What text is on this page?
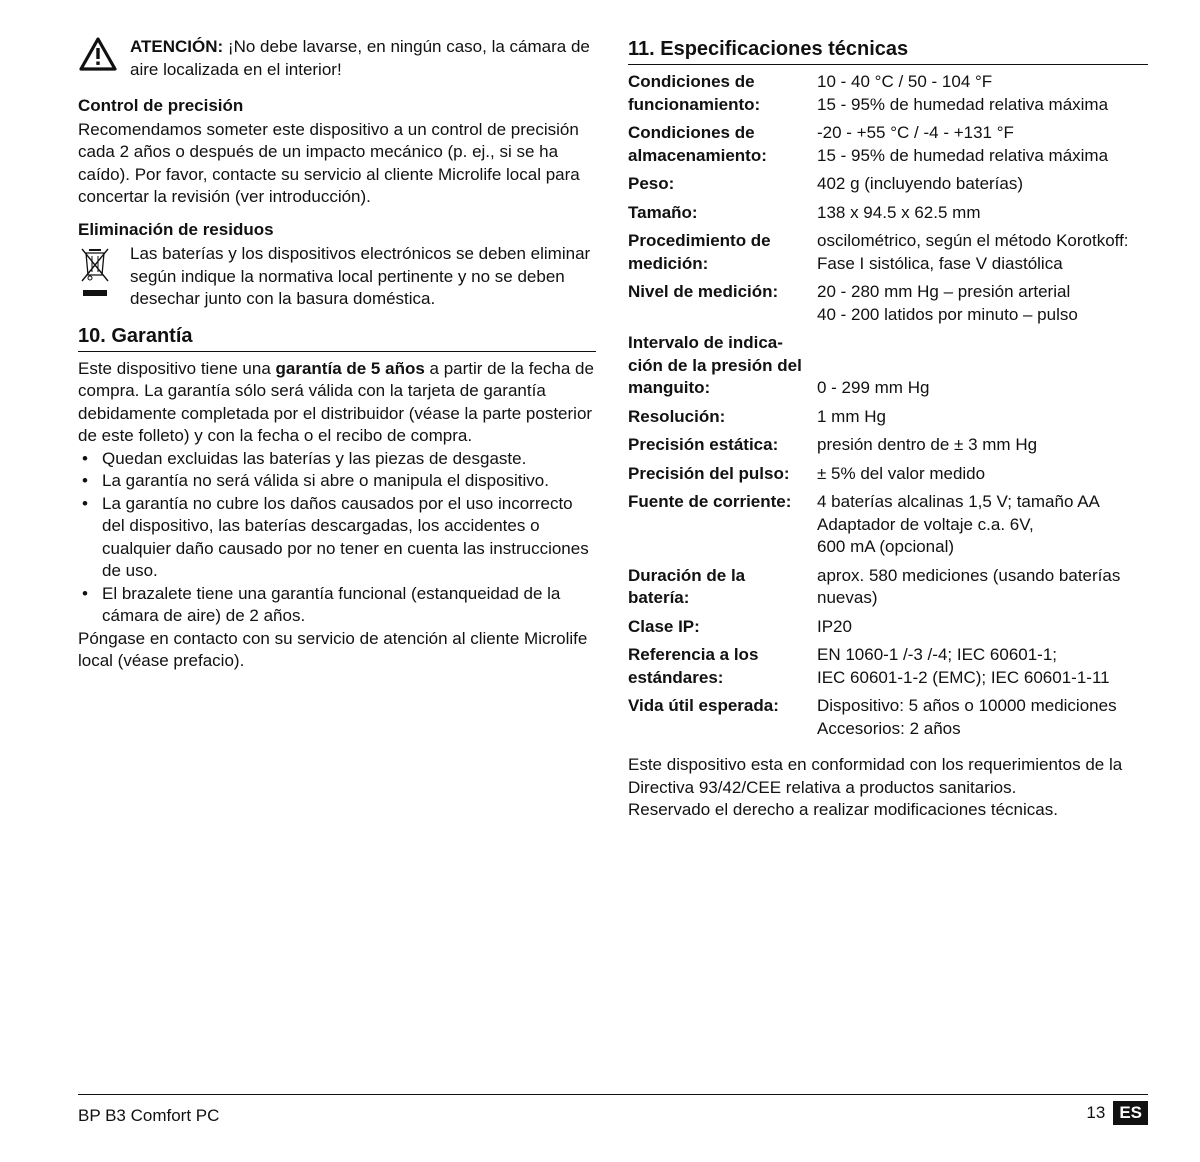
ATENCIÓN: ¡No debe lavarse, en ningún caso, la cámara de aire localizada en el interior!
Control de precisión

Recomendamos someter este dispositivo a un control de precisión cada 2 años o después de un impacto mecánico (p. ej., si se ha caído). Por favor, contacte su servicio al cliente Microlife local para concertar la revisión (ver introducción).

Eliminación de residuos

Las baterías y los dispositivos electrónicos se deben eliminar según indique la normativa local pertinente y no se deben desechar junto con la basura doméstica.

10. Garantía

Este dispositivo tiene una garantía de 5 años a partir de la fecha de compra. La garantía sólo será válida con la tarjeta de garantía debidamente completada por el distribuidor (véase la parte posterior de este folleto) y con la fecha o el recibo de compra.

• Quedan excluidas las baterías y las piezas de desgaste.
• La garantía no será válida si abre o manipula el dispositivo.
• La garantía no cubre los daños causados por el uso incorrecto del dispositivo, las baterías descargadas, los accidentes o cualquier daño causado por no tener en cuenta las instrucciones de uso.
• El brazalete tiene una garantía funcional (estanqueidad de la cámara de aire) de 2 años.

Póngase en contacto con su servicio de atención al cliente Microlife local (véase prefacio).

11. Especificaciones técnicas
Condiciones de
funcionamiento:
10 - 40 °C / 50 - 104 °F
15 - 95% de humedad relativa máxima
Condiciones de
almacenamiento:
-20 - +55 °C / -4 - +131 °F
15 - 95% de humedad relativa máxima
Peso:	402 g (incluyendo baterías)
Tamaño:	138 x 94.5 x 62.5 mm
Procedimiento de
medición:
oscilométrico, según el método Korotkoff:
Fase I sistólica, fase V diastólica
Nivel de medición:	20 - 280 mm Hg – presión arterial
40 - 200 latidos por minuto – pulso
Intervalo de indica-
ción de la presión del
manguito:

	0 - 299 mm Hg
Resolución:	1 mm Hg
Precisión estática:	presión dentro de ± 3 mm Hg
Precisión del pulso:	± 5% del valor medido
Fuente de corriente:	4 baterías alcalinas 1,5 V; tamaño AA
Adaptador de voltaje c.a. 6V,
600 mA (opcional)
Duración de la
batería:
aprox. 580 mediciones (usando baterías
nuevas)
Clase IP:	IP20
Referencia a los
estándares:
EN 1060-1 /-3 /-4; IEC 60601-1;
IEC 60601-1-2 (EMC); IEC 60601-1-11
Vida útil esperada:	Dispositivo: 5 años o 10000 mediciones
Accesorios: 2 años

Este dispositivo esta en conformidad con los requerimientos de la Directiva 93/42/CEE relativa a productos sanitarios.

Reservado el derecho a realizar modificaciones técnicas.

BP B3 Comfort PC	13 ES
